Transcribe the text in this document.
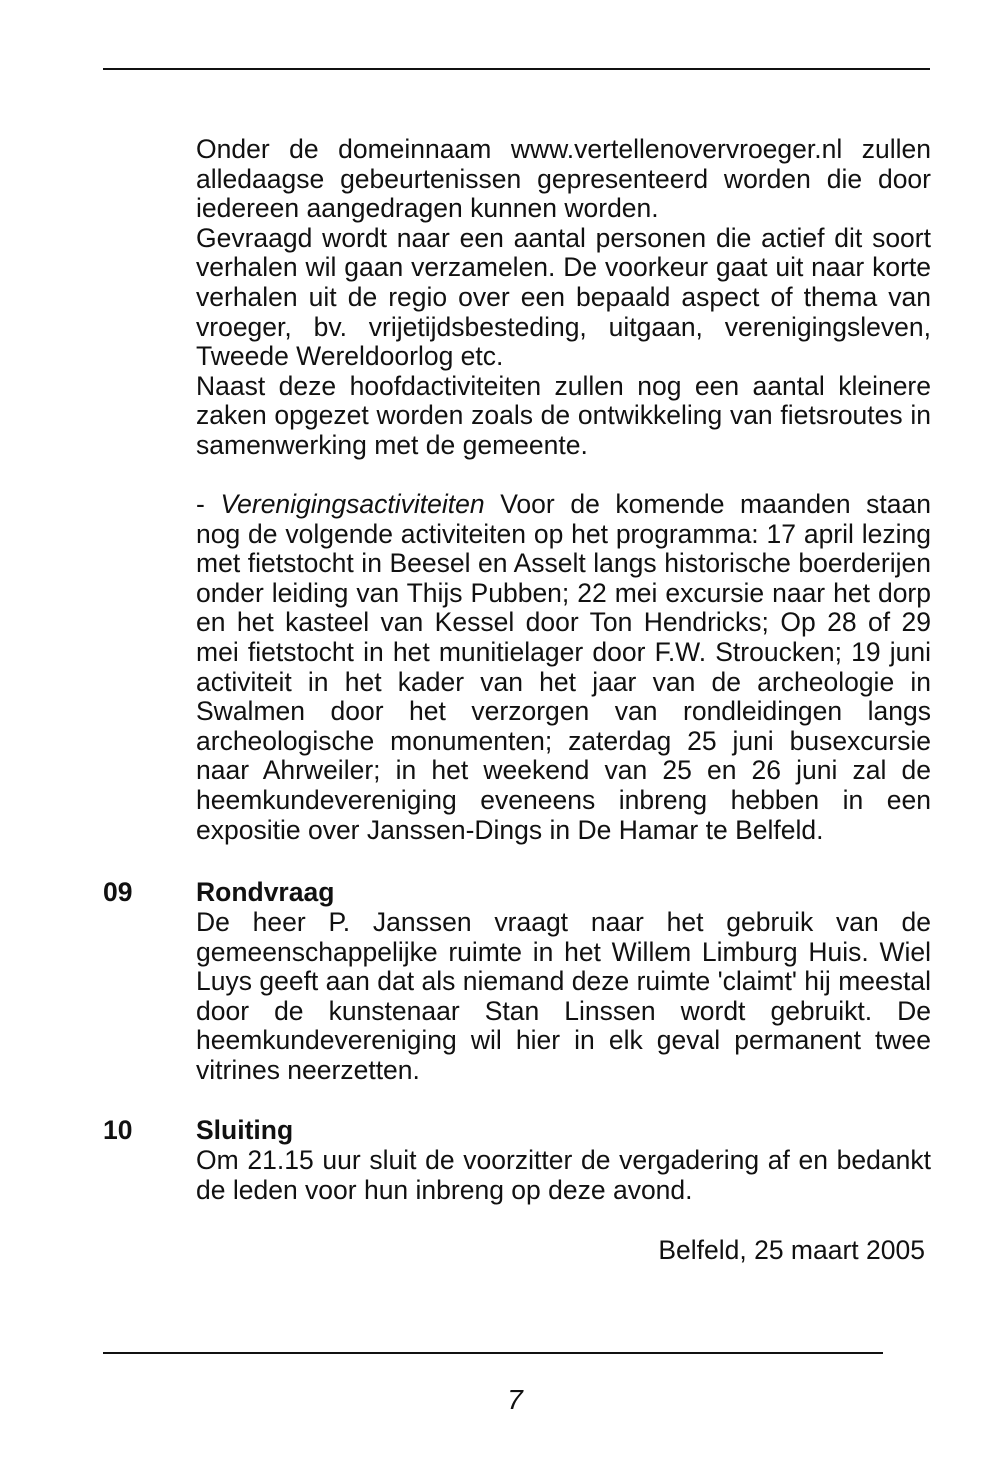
Onder de domeinnaam www.vertellenovervroeger.nl zullen alledaagse gebeurtenissen gepresenteerd worden die door iedereen aangedragen kunnen worden.
Gevraagd wordt naar een aantal personen die actief dit soort verhalen wil gaan verzamelen. De voorkeur gaat uit naar korte verhalen uit de regio over een bepaald aspect of thema van vroeger, bv. vrijetijdsbesteding, uitgaan, verenigingsleven, Tweede Wereldoorlog etc.
Naast deze hoofdactiviteiten zullen nog een aantal kleinere zaken opgezet worden zoals de ontwikkeling van fietsroutes in samenwerking met de gemeente.

- Verenigingsactiviteiten Voor de komende maanden staan nog de volgende activiteiten op het programma: 17 april lezing met fietstocht in Beesel en Asselt langs historische boerderijen onder leiding van Thijs Pubben; 22 mei excursie naar het dorp en het kasteel van Kessel door Ton Hendricks; Op 28 of 29 mei fietstocht in het munitielager door F.W. Stroucken; 19 juni activiteit in het kader van het jaar van de archeologie in Swalmen door het verzorgen van rondleidingen langs archeologische monumenten; zaterdag 25 juni busexcursie naar Ahrweiler; in het weekend van 25 en 26 juni zal de heemkundevereniging eveneens inbreng hebben in een expositie over Janssen-Dings in De Hamar te Belfeld.

09 Rondvraag

De heer P. Janssen vraagt naar het gebruik van de gemeenschappelijke ruimte in het Willem Limburg Huis. Wiel Luys geeft aan dat als niemand deze ruimte 'claimt' hij meestal door de kunstenaar Stan Linssen wordt gebruikt. De heemkundevereniging wil hier in elk geval permanent twee vitrines neerzetten.

10 Sluiting

Om 21.15 uur sluit de voorzitter de vergadering af en bedankt de leden voor hun inbreng op deze avond.

Belfeld, 25 maart 2005
7
